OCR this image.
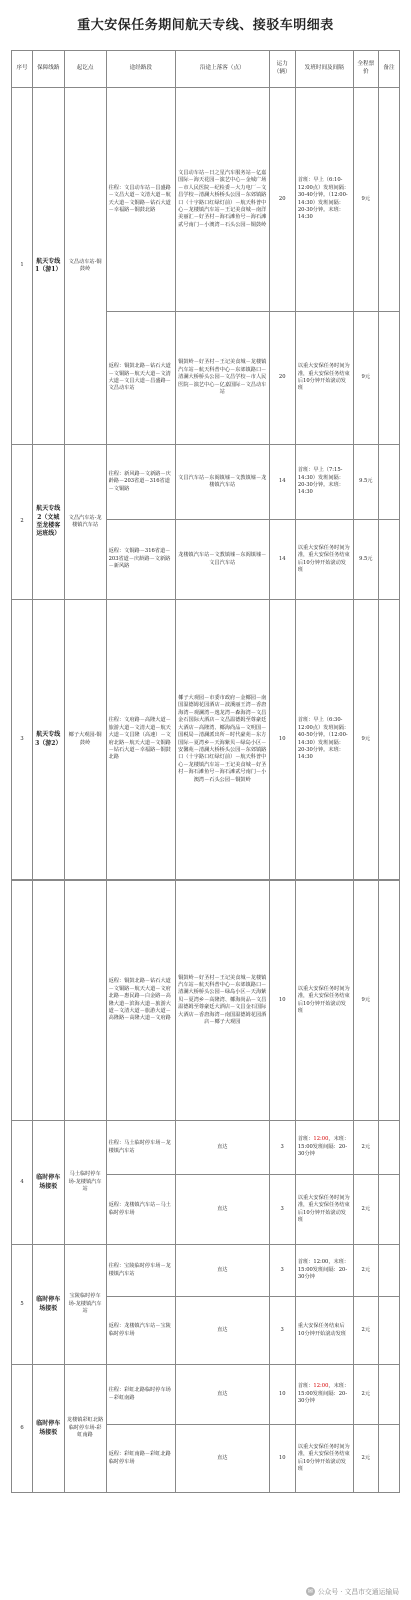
重大安保任务期间航天专线、接驳车明细表
序号	保障线路	起讫点	途经路段	沿途上落客（点）	运力（辆）	发班时间及间隔	全程票价	备注
1	航天专线1（游1）	文昌动车站-铜鼓岭	往程：文昌动车站－昌盛路－文昌大道－文清大道－航天大道－文铜路－钻石大道－幸福路－铜鼓北路	文昌动车站－日之星汽车服务站－亿嘉国际－海天花园－演艺中心－金城广场－市人民医院－纪检委－大力电厂－文昌学校－清澜大桥桥头公园－东郊镇路口（十字路口红绿灯前）－航天科普中心－龙楼镇汽车站－王记美食城－南洋美丽汇－好圣村－海石滩鱼号－海石滩贰号南门－小澳湾－石头公园－铜鼓岭	20	首班：早上（6:10-12:00点）发班间隔：30-40分钟。（12:00-14:30）发班间隔：20-30分钟。末班：14:30	9元	
			返程：铜鼓北路－钻石大道－文铜路－航天大道－文清大道－文昌大道－昌盛路－文昌动车站	铜鼓岭－好圣村－王记美食城－龙楼镇汽车站－航天科普中心－东郊镇路口－清澜大桥桥头公园－文昌学校－市人民医院－演艺中心－亿嘉国际－文昌动车站	20	以重大安保任务时间为准，重大安保任务结束后10分钟开始滚动发班	9元	
2	航天专线2（文城至龙楼客运班线）	文昌汽车站-龙楼镇汽车站	往程：新风路－文新路－庆龄路－203省道－316省道－文铜路	文昌汽车站－东阁镇墟－文教镇墟－龙楼镇汽车站	14	首班：早上（7:15-14:30）发班间隔：20-30分钟。末班：14:30	9.5元	
			返程：文铜路－316省道－203省道－庆龄路－文新路－新风路	龙楼镇汽车站－文教镇墟－东阁镇墟－文昌汽车站	14	以重大安保任务时间为准，重大安保任务结束后10分钟开始滚动发班	9.5元	
3	航天专线3（游2）	椰子大观园-铜鼓岭	往程：文府路－高隆大道－旅游大道－文清大道－航天大道－文昌隆（高速）－文府北路－航天大道－文铜路－钻石大道－幸福路－铜鼓北路	椰子大观园－市委市政府－金椰园－南国温德姆花园酒店－波溪丽王湾－香唐海湾－观澜湾－逸龙湾－森海湾－文昌金石国际大酒店－文昌温德姆至尊豪廷大酒店－高隆湾、椰海尚品－文明国－国税局－清澜派出所－时代豪苑－东方国际－夏湾乡－天海紫贝－绿岛小区－安馨苑－清澜大桥桥头公园－东郊镇路口（十字路口红绿灯前）－航天科普中心－龙楼镇汽车站－王记美食城－好圣村－海石滩鱼号－海石滩贰号南门－小澳湾－石头公园－铜鼓岭	10	首班：早上（6:30-12:00点）发班间隔：40-50分钟。（12:00-14:30）发班间隔：20-30分钟。末班：14:30	9元	
			返程：铜鼓北路－钻石大道－文铜路－航天大道－文府北路－惠民路－白金路－高隆大道－滨海大道－旅游大道－文清大道－旅游大道－高隆路－高隆大道－文府路	铜鼓岭－好圣村－王记美食城－龙楼镇汽车站－航天科普中心－东郊镇路口－清澜大桥桥头公园－绿岛小区－天海紫贝－夏湾乡－高隆湾、椰海尚品－文昌温德姆至尊豪廷大酒店－文昌金石国际大酒店－香唐海湾－南国温德姆花园酒店－椰子大观园	10	以重大安保任务时间为准，重大安保任务结束后10分钟开始滚动发班	9元	
4	临时停车场接驳	马土临时停车场-龙楼镇汽车站	往程：马土临时停车场－龙楼镇汽车站	直达	3	首班：12:00，末班：15:00发班间隔：20-30分钟	2元	
			返程：龙楼镇汽车站－马土临时停车场	直达	3	以重大安保任务时间为准，重大安保任务结束后10分钟开始滚动发班	2元	
5	临时停车场接驳	宝陵临时停车场-龙楼镇汽车站	往程：宝陵临时停车场－龙楼镇汽车站	直达	3	首班：12:00，末班：15:00发班间隔：20-30分钟	2元	
			返程：龙楼镇汽车站－宝陵临时停车场	直达	3	重大安保任务结束后10分钟开始滚动发班	2元	
6	临时停车场接驳	龙楼镇彩虹北路临时停车场-彩虹南路	往程：彩虹北路临时停车场－彩虹南路	直达	10	首班：12:00，末班：15:00发班间隔：20-30分钟	2元	
			返程：彩虹南路－彩虹北路临时停车场	直达	10	以重大安保任务时间为准，重大安保任务结束后10分钟开始滚动发班	2元	
✉ 公众号 · 文昌市交通运输局
